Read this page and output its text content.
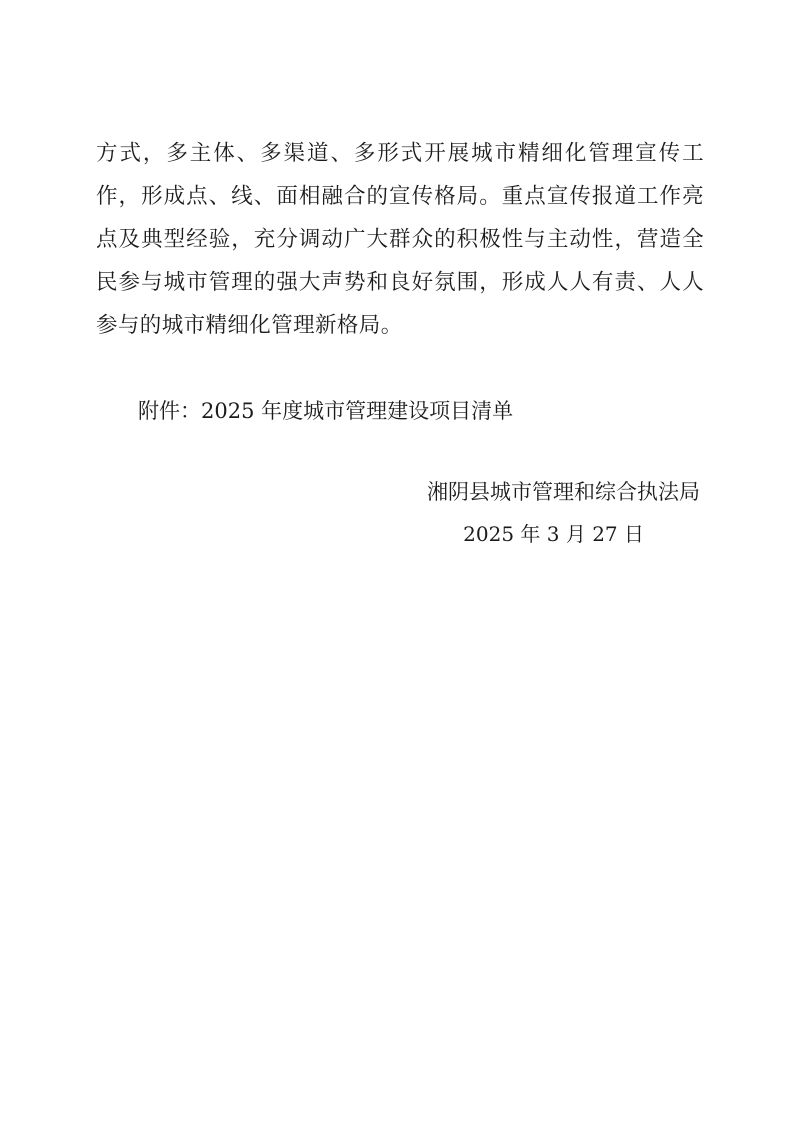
方式，多主体、多渠道、多形式开展城市精细化管理宣传工作，形成点、线、面相融合的宣传格局。重点宣传报道工作亮点及典型经验，充分调动广大群众的积极性与主动性，营造全民参与城市管理的强大声势和良好氛围，形成人人有责、人人参与的城市精细化管理新格局。

附件：2025 年度城市管理建设项目清单

湘阴县城市管理和综合执法局
2025 年 3 月 27 日
